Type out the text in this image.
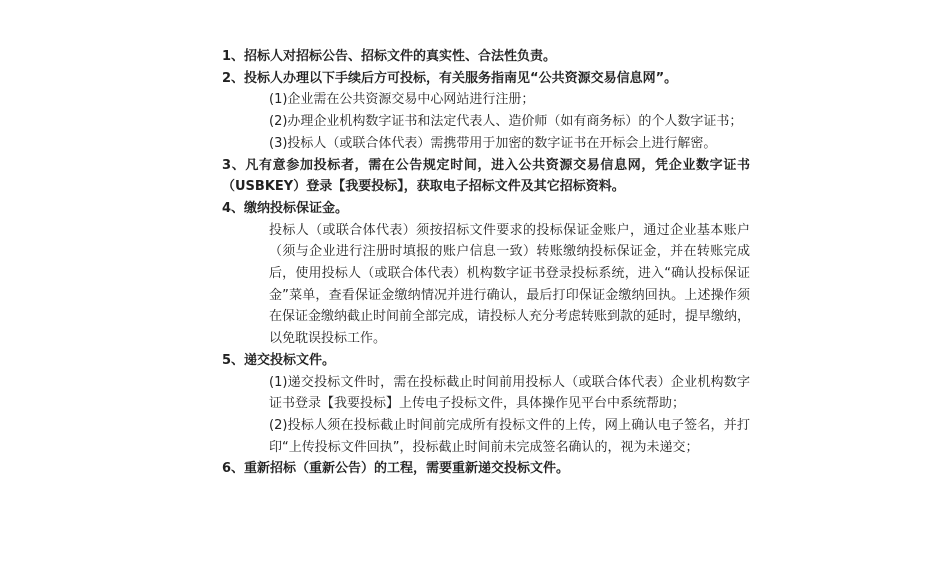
1、招标人对招标公告、招标文件的真实性、合法性负责。

2、投标人办理以下手续后方可投标，有关服务指南见“公共资源交易信息网”。

(1)企业需在公共资源交易中心网站进行注册；

(2)办理企业机构数字证书和法定代表人、造价师（如有商务标）的个人数字证书；

(3)投标人（或联合体代表）需携带用于加密的数字证书在开标会上进行解密。

3、凡有意参加投标者，需在公告规定时间，进入公共资源交易信息网，凭企业数字证书（USBKEY）登录【我要投标】，获取电子招标文件及其它招标资料。

4、缴纳投标保证金。

投标人（或联合体代表）须按招标文件要求的投标保证金账户，通过企业基本账户（须与企业进行注册时填报的账户信息一致）转账缴纳投标保证金，并在转账完成后，使用投标人（或联合体代表）机构数字证书登录投标系统，进入“确认投标保证金”菜单，查看保证金缴纳情况并进行确认，最后打印保证金缴纳回执。上述操作须在保证金缴纳截止时间前全部完成，请投标人充分考虑转账到款的延时，提早缴纳，以免耽误投标工作。

5、递交投标文件。

(1)递交投标文件时，需在投标截止时间前用投标人（或联合体代表）企业机构数字证书登录【我要投标】上传电子投标文件，具体操作见平台中系统帮助；

(2)投标人须在投标截止时间前完成所有投标文件的上传，网上确认电子签名，并打印“上传投标文件回执”，投标截止时间前未完成签名确认的，视为未递交；

6、重新招标（重新公告）的工程，需要重新递交投标文件。
